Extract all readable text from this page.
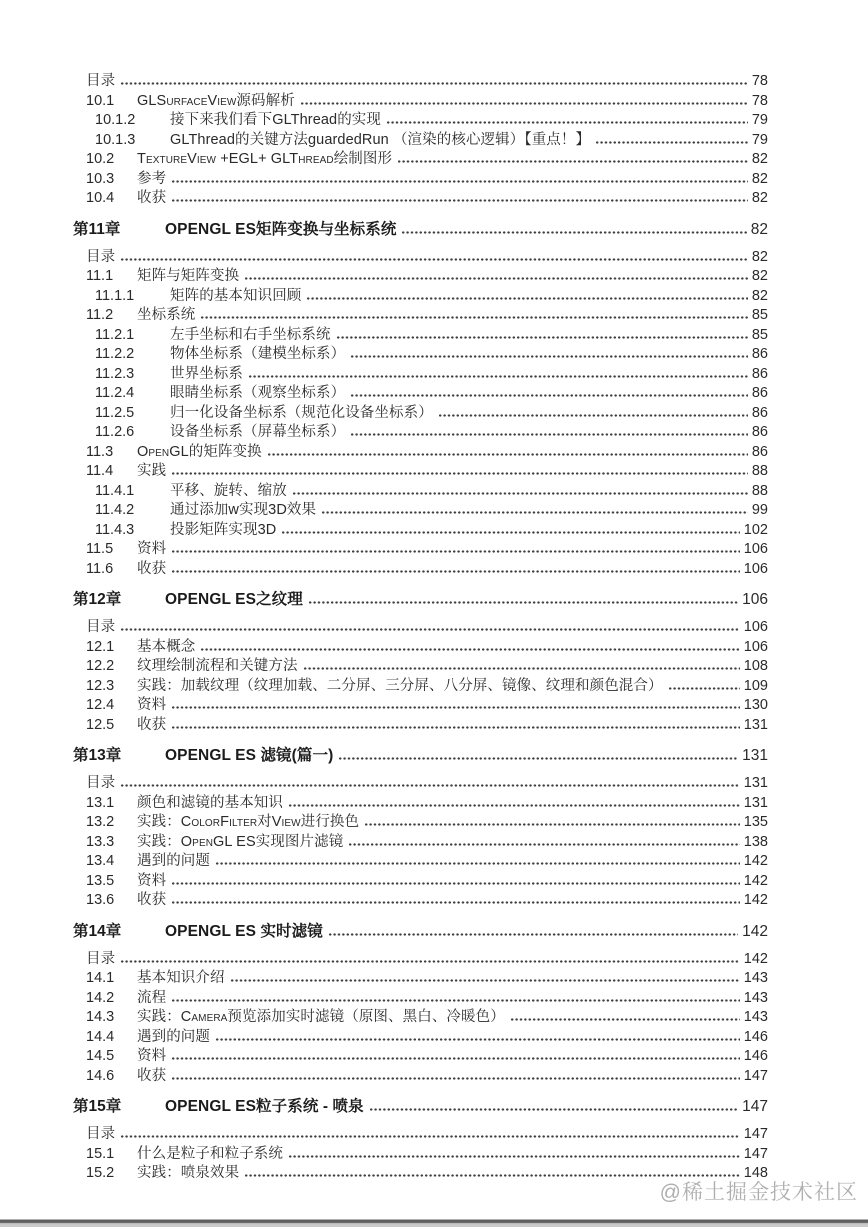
目录	78
10.1	GLSurfaceView源码解析	78
10.1.2	接下来我们看下GLThread的实现	79
10.1.3	GLThread的关键方法guardedRun （渲染的核心逻辑）【重点！】	79
10.2	TextureView +EGL+ GLThread绘制图形	82
10.3	参考	82
10.4	收获	82
第11章	OPENGL ES矩阵变换与坐标系统	82
目录	82
11.1	矩阵与矩阵变换	82
11.1.1	矩阵的基本知识回顾	82
11.2	坐标系统	85
11.2.1	左手坐标和右手坐标系统	85
11.2.2	物体坐标系（建模坐标系）	86
11.2.3	世界坐标系	86
11.2.4	眼睛坐标系（观察坐标系）	86
11.2.5	归一化设备坐标系（规范化设备坐标系）	86
11.2.6	设备坐标系（屏幕坐标系）	86
11.3	OpenGL的矩阵变换	86
11.4	实践	88
11.4.1	平移、旋转、缩放	88
11.4.2	通过添加w实现3D效果	99
11.4.3	投影矩阵实现3D	102
11.5	资料	106
11.6	收获	106
第12章	OPENGL ES之纹理	106
目录	106
12.1	基本概念	106
12.2	纹理绘制流程和关键方法	108
12.3	实践：加载纹理（纹理加载、二分屏、三分屏、八分屏、镜像、纹理和颜色混合）	109
12.4	资料	130
12.5	收获	131
第13章	OPENGL ES 滤镜(篇一)	131
目录	131
13.1	颜色和滤镜的基本知识	131
13.2	实践：ColorFilter对View进行换色	135
13.3	实践：OpenGL ES实现图片滤镜	138
13.4	遇到的问题	142
13.5	资料	142
13.6	收获	142
第14章	OPENGL ES 实时滤镜	142
目录	142
14.1	基本知识介绍	143
14.2	流程	143
14.3	实践：Camera预览添加实时滤镜（原图、黑白、冷暖色）	143
14.4	遇到的问题	146
14.5	资料	146
14.6	收获	147
第15章	OPENGL ES粒子系统 - 喷泉	147
目录	147
15.1	什么是粒子和粒子系统	147
15.2	实践：喷泉效果	148
@稀土掘金技术社区
